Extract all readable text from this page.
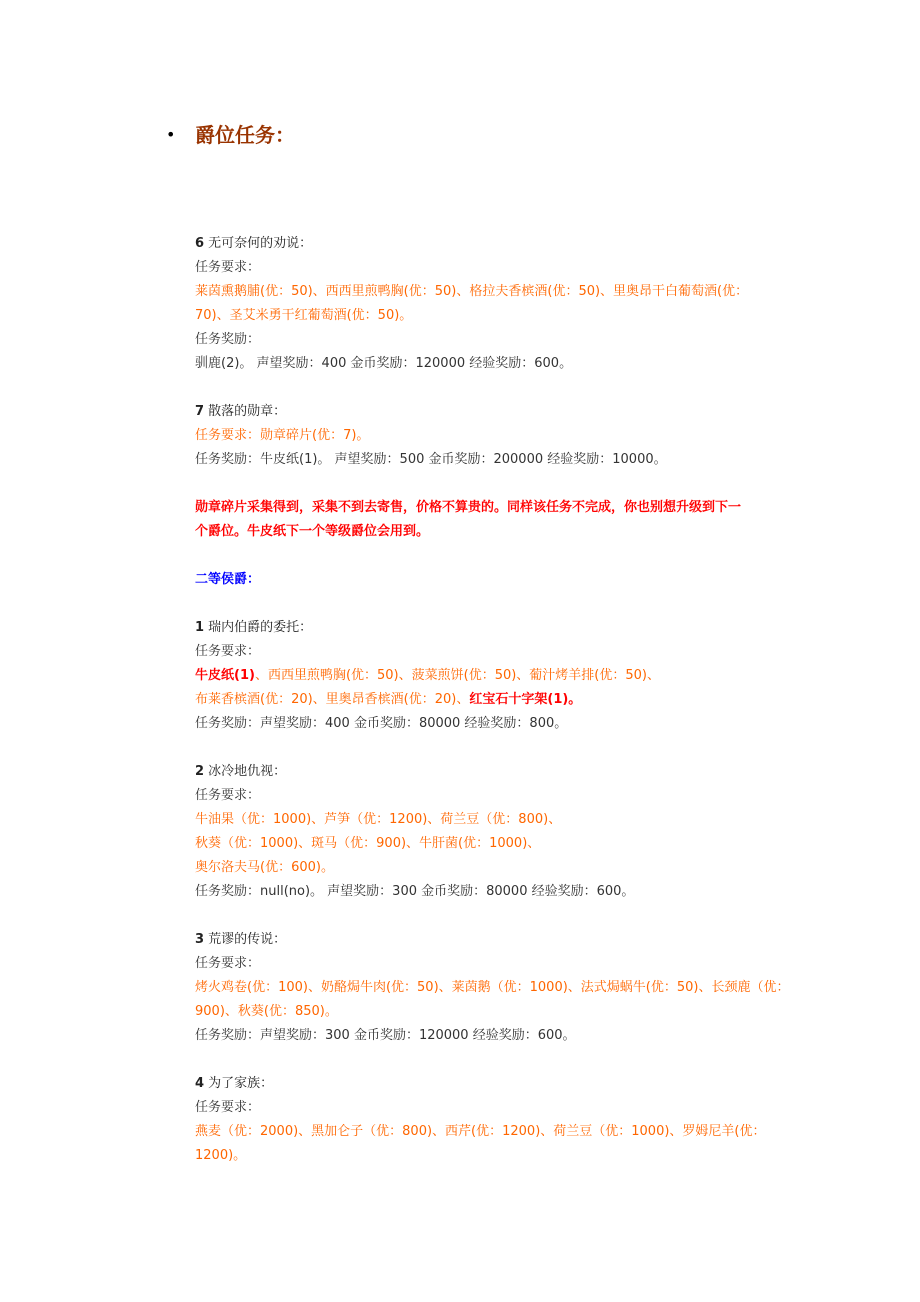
• 爵位任务：
6 无可奈何的劝说：
任务要求：
莱茵熏鹅脯(优：50)、西西里煎鸭胸(优：50)、格拉夫香槟酒(优：50)、里奥昂干白葡萄酒(优：
70)、圣艾米勇干红葡萄酒(优：50)。
任务奖励：
驯鹿(2)。 声望奖励：400 金币奖励：120000 经验奖励：600。
7 散落的勋章：
任务要求：勋章碎片(优：7)。
任务奖励：牛皮纸(1)。 声望奖励：500 金币奖励：200000 经验奖励：10000。
勋章碎片采集得到，采集不到去寄售，价格不算贵的。同样该任务不完成，你也别想升级到下一
个爵位。牛皮纸下一个等级爵位会用到。
二等侯爵：
1 瑞内伯爵的委托：
任务要求：
牛皮纸(1)、西西里煎鸭胸(优：50)、菠菜煎饼(优：50)、葡汁烤羊排(优：50)、
布莱香槟酒(优：20)、里奥昂香槟酒(优：20)、红宝石十字架(1)。
任务奖励：声望奖励：400 金币奖励：80000 经验奖励：800。
2 冰冷地仇视：
任务要求：
牛油果（优：1000)、芦笋（优：1200)、荷兰豆（优：800)、
秋葵（优：1000)、斑马（优：900)、牛肝菌(优：1000)、
奥尔洛夫马(优：600)。
任务奖励：null(no)。 声望奖励：300 金币奖励：80000 经验奖励：600。
3 荒谬的传说：
任务要求：
烤火鸡卷(优：100)、奶酪焗牛肉(优：50)、莱茵鹅（优：1000)、法式焗蜗牛(优：50)、长颈鹿（优：
900)、秋葵(优：850)。
任务奖励：声望奖励：300 金币奖励：120000 经验奖励：600。
4 为了家族：
任务要求：
燕麦（优：2000)、黑加仑子（优：800)、西芹(优：1200)、荷兰豆（优：1000)、罗姆尼羊(优：
1200)。
